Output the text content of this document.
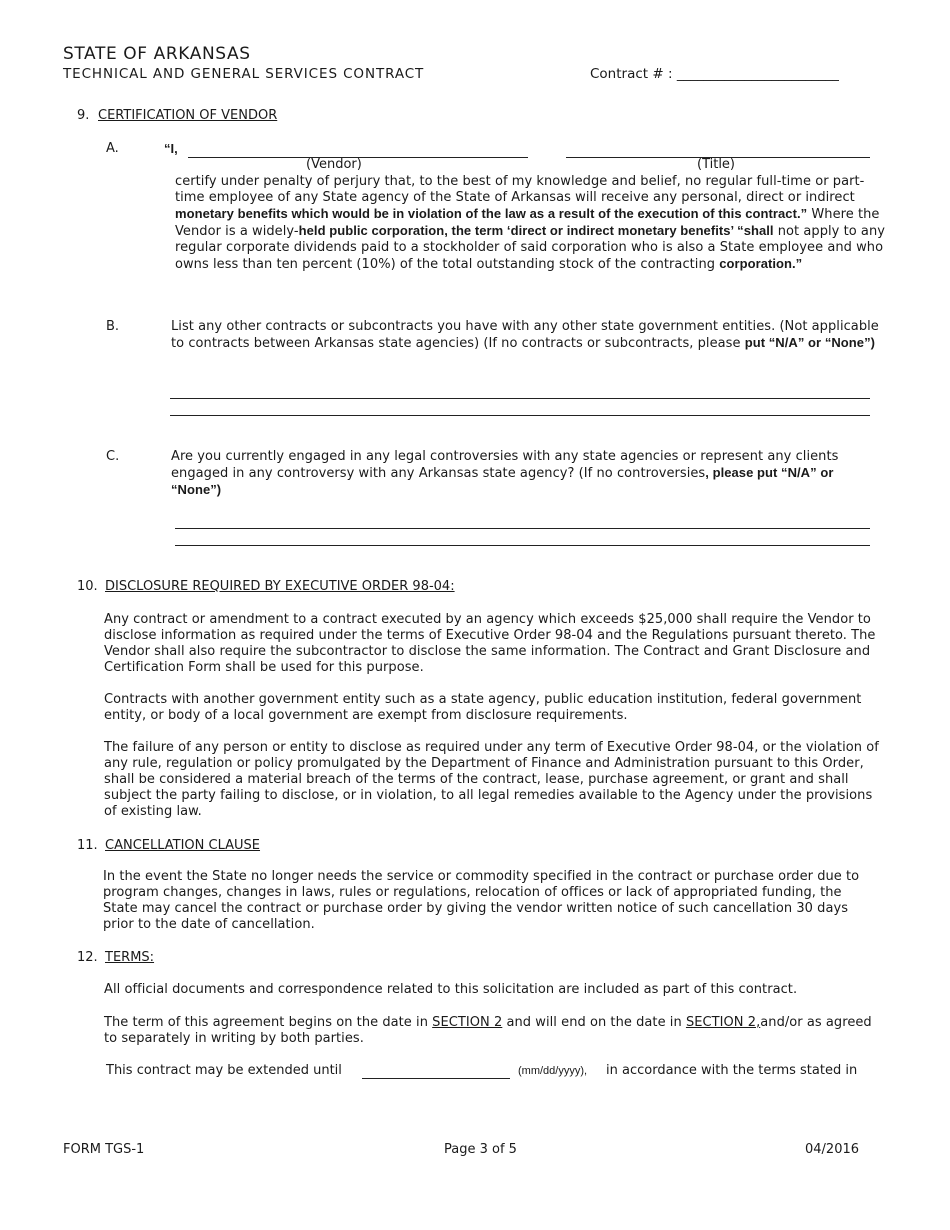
STATE OF ARKANSAS
TECHNICAL AND GENERAL SERVICES CONTRACT	Contract # : ________________________
9. CERTIFICATION OF VENDOR
A.	“I,
(Vendor)	(Title)
certify under penalty of perjury that, to the best of my knowledge and belief, no regular full-time or part-time employee of any State agency of the State of Arkansas will receive any personal, direct or indirect monetary benefits which would be in violation of the law as a result of the execution of this contract.” Where the Vendor is a widely-held public corporation, the term ‘direct or indirect monetary benefits’ “shall not apply to any regular corporate dividends paid to a stockholder of said corporation who is also a State employee and who owns less than ten percent (10%) of the total outstanding stock of the contracting corporation.”
B.	List any other contracts or subcontracts you have with any other state government entities. (Not applicable to contracts between Arkansas state agencies) (If no contracts or subcontracts, please put “N/A” or “None”)
C.	Are you currently engaged in any legal controversies with any state agencies or represent any clients engaged in any controversy with any Arkansas state agency? (If no controversies, please put “N/A” or “None”)
10. DISCLOSURE REQUIRED BY EXECUTIVE ORDER 98-04:
Any contract or amendment to a contract executed by an agency which exceeds $25,000 shall require the Vendor to disclose information as required under the terms of Executive Order 98-04 and the Regulations pursuant thereto. The Vendor shall also require the subcontractor to disclose the same information. The Contract and Grant Disclosure and Certification Form shall be used for this purpose.
Contracts with another government entity such as a state agency, public education institution, federal government entity, or body of a local government are exempt from disclosure requirements.
The failure of any person or entity to disclose as required under any term of Executive Order 98-04, or the violation of any rule, regulation or policy promulgated by the Department of Finance and Administration pursuant to this Order, shall be considered a material breach of the terms of the contract, lease, purchase agreement, or grant and shall subject the party failing to disclose, or in violation, to all legal remedies available to the Agency under the provisions of existing law.
11. CANCELLATION CLAUSE
In the event the State no longer needs the service or commodity specified in the contract or purchase order due to program changes, changes in laws, rules or regulations, relocation of offices or lack of appropriated funding, the State may cancel the contract or purchase order by giving the vendor written notice of such cancellation 30 days prior to the date of cancellation.
12. TERMS:
All official documents and correspondence related to this solicitation are included as part of this contract.
The term of this agreement begins on the date in SECTION 2 and will end on the date in SECTION 2,and/or as agreed to separately in writing by both parties.
This contract may be extended until	(mm/dd/yyyy), in accordance with the terms stated in
FORM TGS-1	Page 3 of 5	04/2016
